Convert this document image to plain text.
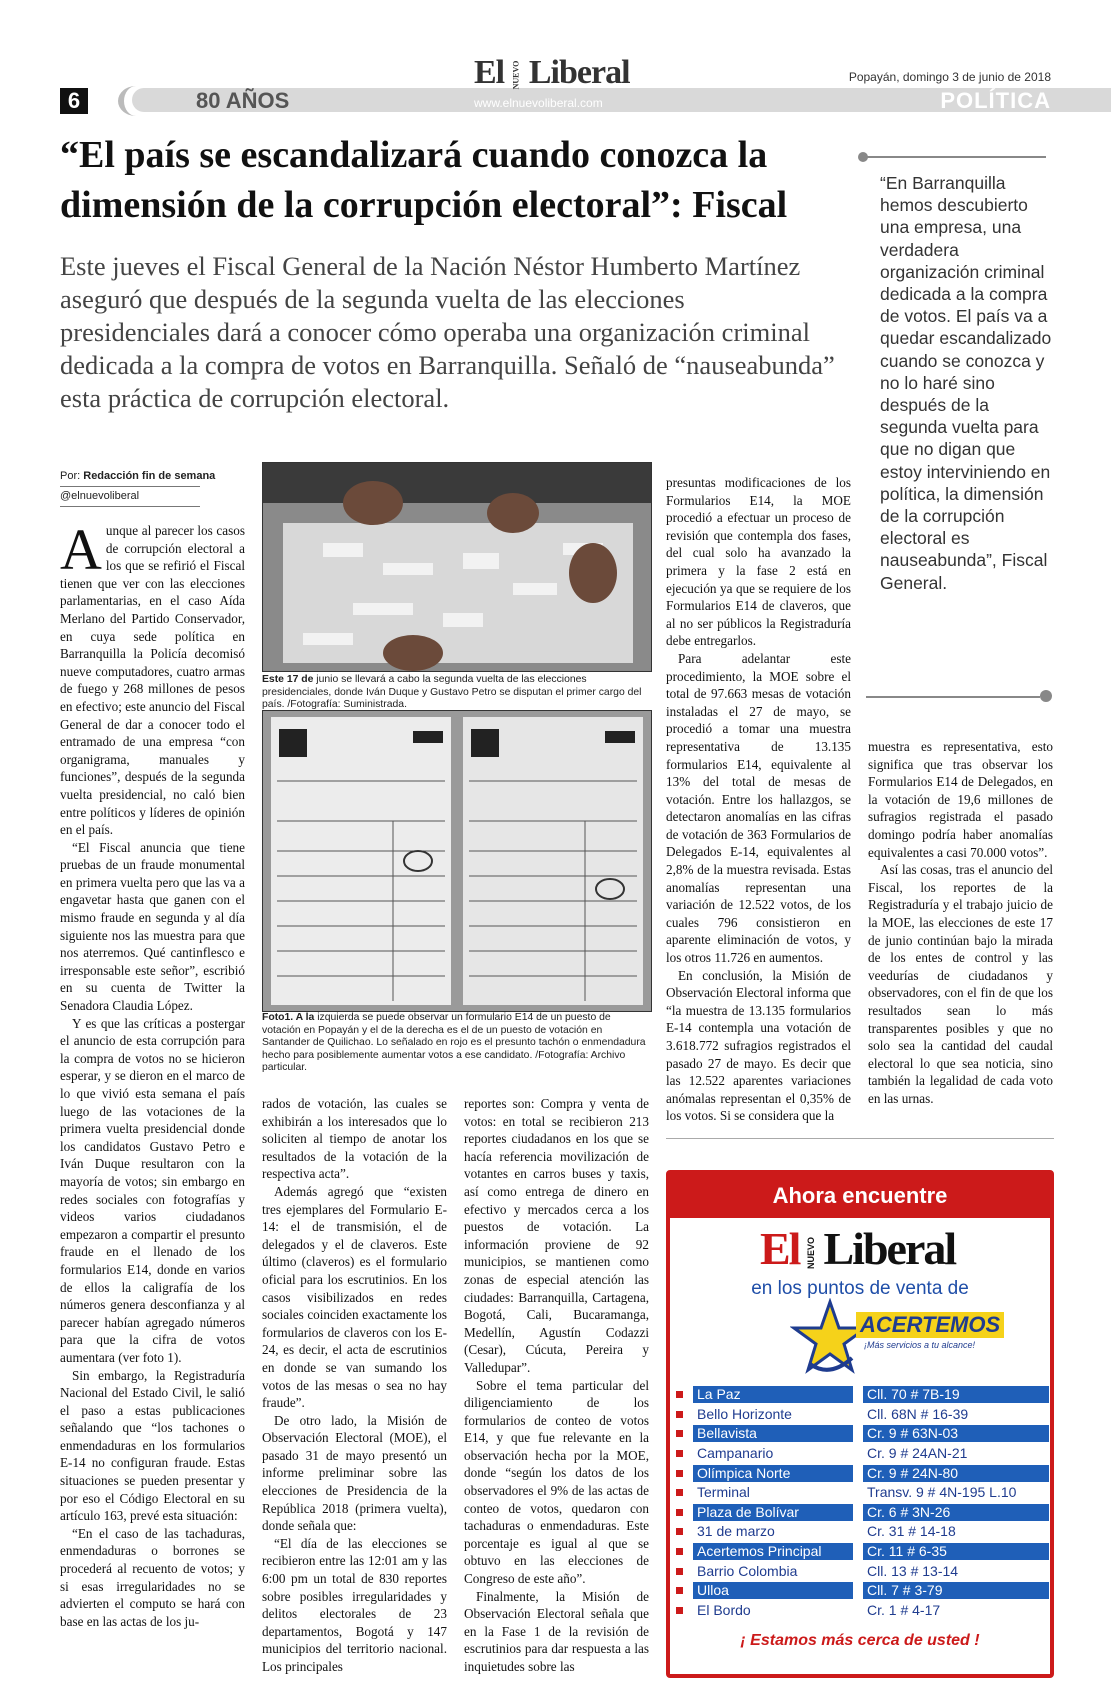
6	80 AÑOS
El NUEVO Liberal
www.elnuevoliberal.com
Popayán, domingo 3 de junio de 2018
POLÍTICA
“El país se escandalizará cuando conozca la dimensión de la corrupción electoral”: Fiscal
Este jueves el Fiscal General de la Nación Néstor Humberto Martínez aseguró que después de la segunda vuelta de las elecciones presidenciales dará a conocer cómo operaba una organización criminal dedicada a la compra de votos en Barranquilla. Señaló de “nauseabunda” esta práctica de corrupción electoral.
“En Barranquilla hemos descubierto una empresa, una verdadera organización criminal dedicada a la compra de votos. El país va a quedar escandalizado cuando se conozca y no lo haré sino después de la segunda vuelta para que no digan que estoy interviniendo en política, la dimensión de la corrupción electoral es nauseabunda”, Fiscal General.
Por: Redacción fin de semana
@elnuevoliberal

Aunque al parecer los casos de corrupción electoral a los que se refirió el Fiscal tienen que ver con las elecciones parlamentarias, en el caso Aída Merlano del Partido Conservador, en cuya sede política en Barranquilla la Policía decomisó nueve computadores, cuatro armas de fuego y 268 millones de pesos en efectivo; este anuncio del Fiscal General de dar a conocer todo el entramado de una empresa “con organigrama, manuales y funciones”, después de la segunda vuelta presidencial, no caló bien entre políticos y líderes de opinión en el país.

“El Fiscal anuncia que tiene pruebas de un fraude monumental en primera vuelta pero que las va a engavetar hasta que ganen con el mismo fraude en segunda y al día siguiente nos las muestra para que nos aterremos. Qué cantinflesco e irresponsable este señor”, escribió en su cuenta de Twitter la Senadora Claudia López.

Y es que las críticas a postergar el anuncio de esta corrupción para la compra de votos no se hicieron esperar, y se dieron en el marco de lo que vivió esta semana el país luego de las votaciones de la primera vuelta presidencial donde los candidatos Gustavo Petro e Iván Duque resultaron con la mayoría de votos; sin embargo en redes sociales con fotografías y videos varios ciudadanos empezaron a compartir el presunto fraude en el llenado de los formularios E14, donde en varios de ellos la caligrafía de los números genera desconfianza y al parecer habían agregado números para que la cifra de votos aumentara (ver foto 1).

Sin embargo, la Registraduría Nacional del Estado Civil, le salió el paso a estas publicaciones señalando que “los tachones o enmendaduras en los formularios E-14 no configuran fraude. Estas situaciones se pueden presentar y por eso el Código Electoral en su artículo 163, prevé esta situación:

“En el caso de las tachaduras, enmendaduras o borrones se procederá al recuento de votos; y si esas irregularidades no se advierten el computo se hará con base en las actas de los ju-

Este 17 de junio se llevará a cabo la segunda vuelta de las elecciones presidenciales, donde Iván Duque y Gustavo Petro se disputan el primer cargo del país. /Fotografía: Suministrada.
Foto1. A la izquierda se puede observar un formulario E14 de un puesto de votación en Popayán y el de la derecha es el de un puesto de votación en Santander de Quilichao. Lo señalado en rojo es el presunto tachón o enmendadura hecho para posiblemente aumentar votos a ese candidato. /Fotografía: Archivo particular.

rados de votación, las cuales se exhibirán a los interesados que lo soliciten al tiempo de anotar los resultados de la votación de la respectiva acta”.

Además agregó que “existen tres ejemplares del Formulario E-14: el de transmisión, el de delegados y el de claveros. Este último (claveros) es el formulario oficial para los escrutinios. En los casos visibilizados en redes sociales coinciden exactamente los formularios de claveros con los E-24, es decir, el acta de escrutinios en donde se van sumando los votos de las mesas o sea no hay fraude”.

De otro lado, la Misión de Observación Electoral (MOE), el pasado 31 de mayo presentó un informe preliminar sobre las elecciones de Presidencia de la República 2018 (primera vuelta), donde señala que:

“El día de las elecciones se recibieron entre las 12:01 am y las 6:00 pm un total de 830 reportes sobre posibles irregularidades y delitos electorales de 23 departamentos, Bogotá y 147 municipios del territorio nacional. Los principales

reportes son: Compra y venta de votos: en total se recibieron 213 reportes ciudadanos en los que se hacía referencia movilización de votantes en carros buses y taxis, así como entrega de dinero en efectivo y mercados cerca a los puestos de votación. La información proviene de 92 municipios, se mantienen como zonas de especial atención las ciudades: Barranquilla, Cartagena, Bogotá, Cali, Bucaramanga, Medellín, Agustín Codazzi (Cesar), Cúcuta, Pereira y Valledupar”.

Sobre el tema particular del diligenciamiento de los formularios de conteo de votos E14, y que fue relevante en la observación hecha por la MOE, donde “según los datos de los observadores el 9% de las actas de conteo de votos, quedaron con tachaduras o enmendaduras. Este porcentaje es igual al que se obtuvo en las elecciones de Congreso de este año”.

Finalmente, la Misión de Observación Electoral señala que en la Fase 1 de la revisión de escrutinios para dar respuesta a las inquietudes sobre las

presuntas modificaciones de los Formularios E14, la MOE procedió a efectuar un proceso de revisión que contempla dos fases, del cual solo ha avanzado la primera y la fase 2 está en ejecución ya que se requiere de los Formularios E14 de claveros, que al no ser públicos la Registraduría debe entregarlos.

Para adelantar este procedimiento, la MOE sobre el total de 97.663 mesas de votación instaladas el 27 de mayo, se procedió a tomar una muestra representativa de 13.135 formularios E14, equivalente al 13% del total de mesas de votación. Entre los hallazgos, se detectaron anomalías en las cifras de votación de 363 Formularios de Delegados E-14, equivalentes al 2,8% de la muestra revisada. Estas anomalías representan una variación de 12.522 votos, de los cuales 796 consistieron en aparente eliminación de votos, y los otros 11.726 en aumentos.

En conclusión, la Misión de Observación Electoral informa que “la muestra de 13.135 formularios E-14 contempla una votación de 3.618.772 sufragios registrados el pasado 27 de mayo. Es decir que las 12.522 aparentes variaciones anómalas representan el 0,35% de los votos. Si se considera que la

muestra es representativa, esto significa que tras observar los Formularios E14 de Delegados, en la votación de 19,6 millones de sufragios registrada el pasado domingo podría haber anomalías equivalentes a casi 70.000 votos”.

Así las cosas, tras el anuncio del Fiscal, los reportes de la Registraduría y el trabajo juicio de la MOE, las elecciones de este 17 de junio continúan bajo la mirada de los entes de control y las veedurías de ciudadanos y observadores, con el fin de que los resultados sean lo más transparentes posibles y que no solo sea la cantidad del caudal electoral lo que sea noticia, sino también la legalidad de cada voto en las urnas.

Ahora encuentre
El NUEVO Liberal
en los puntos de venta de
ACERTEMOS
¡Más servicios a tu alcance!
La Paz	Cll. 70 # 7B-19
Bello Horizonte	Cll. 68N # 16-39
Bellavista	Cr. 9 # 63N-03
Campanario	Cr. 9 # 24AN-21
Olímpica Norte	Cr. 9 # 24N-80
Terminal	Transv. 9 # 4N-195 L.10
Plaza de Bolívar	Cr. 6 # 3N-26
31 de marzo	Cr. 31 # 14-18
Acertemos Principal	Cr. 11 # 6-35
Barrio Colombia	Cll. 13 # 13-14
Ulloa	Cll. 7 # 3-79
El Bordo	Cr. 1 # 4-17
¡ Estamos más cerca de usted !
